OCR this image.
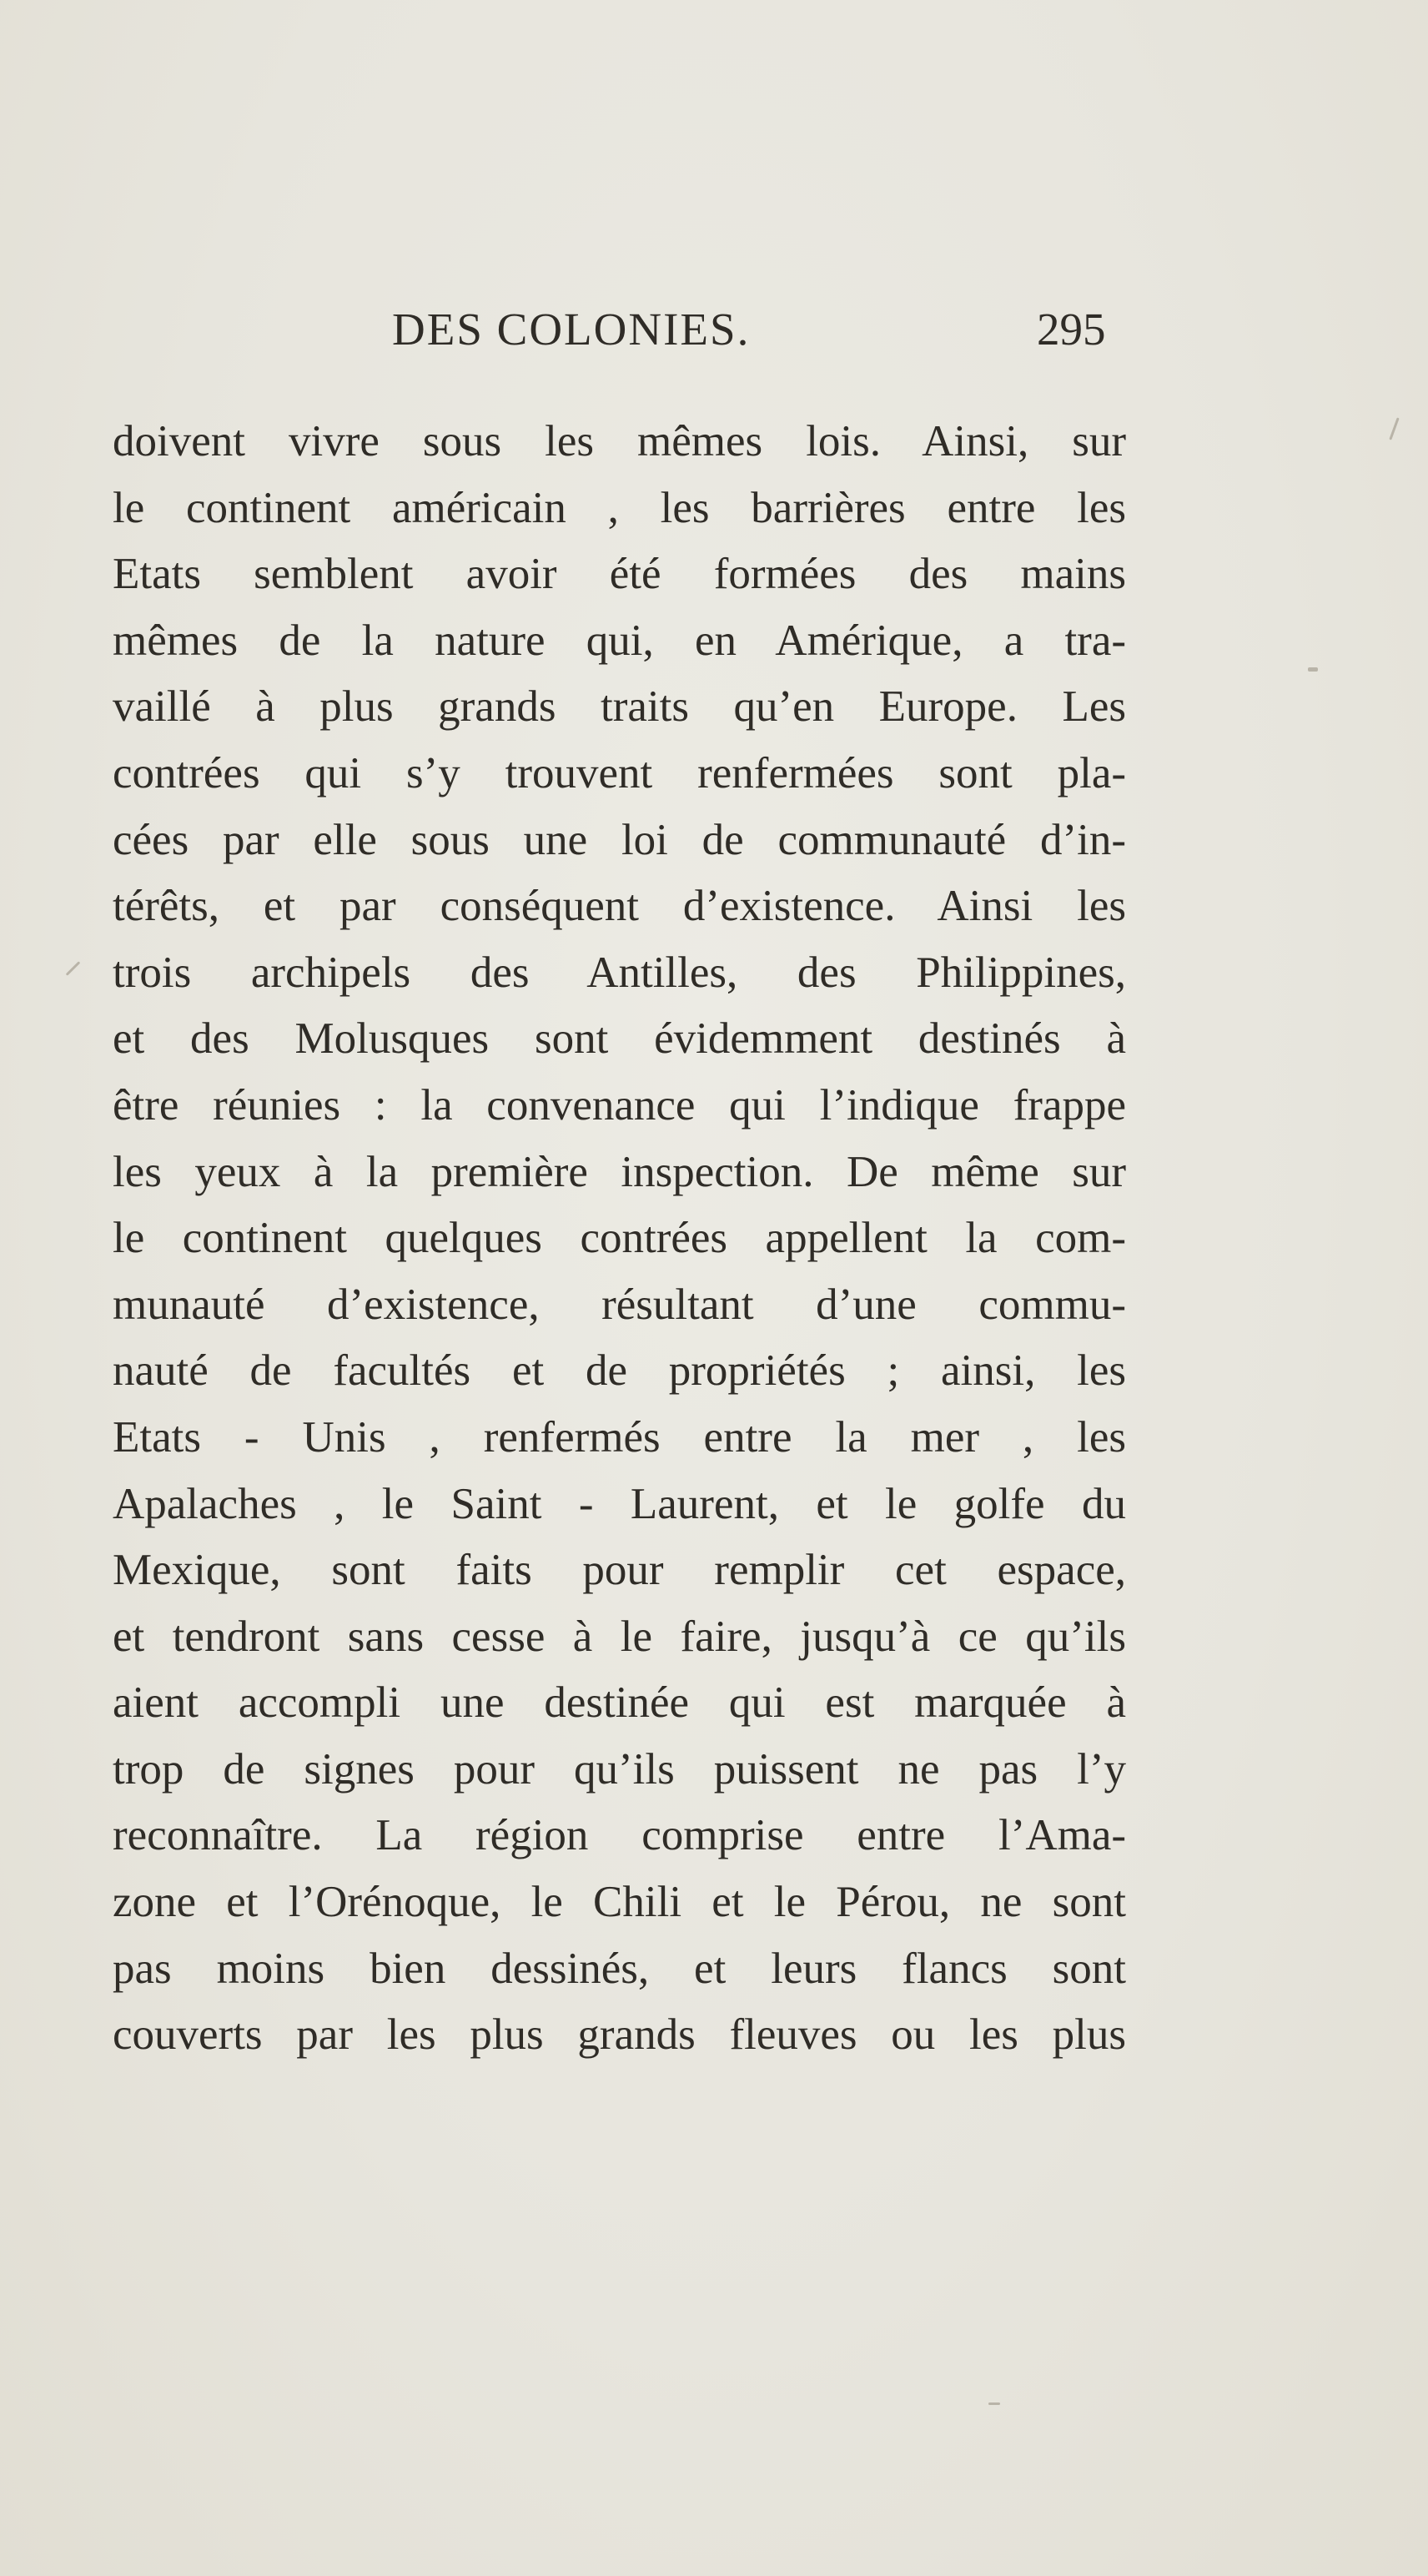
DES COLONIES.	295
doivent vivre sous les mêmes lois. Ainsi, sur
le continent américain , les barrières entre les
Etats semblent avoir été formées des mains
mêmes de la nature qui, en Amérique, a tra-
vaillé à plus grands traits qu’en Europe. Les
contrées qui s’y trouvent renfermées sont pla-
cées par elle sous une loi de communauté d’in-
térêts, et par conséquent d’existence. Ainsi les
trois archipels des Antilles, des Philippines,
et des Molusques sont évidemment destinés à
être réunies : la convenance qui l’indique frappe
les yeux à la première inspection. De même sur
le continent quelques contrées appellent la com-
munauté d’existence, résultant d’une commu-
nauté de facultés et de propriétés ; ainsi, les
Etats - Unis , renfermés entre la mer , les
Apalaches , le Saint - Laurent, et le golfe du
Mexique, sont faits pour remplir cet espace,
et tendront sans cesse à le faire, jusqu’à ce qu’ils
aient accompli une destinée qui est marquée à
trop de signes pour qu’ils puissent ne pas l’y
reconnaître. La région comprise entre l’Ama-
zone et l’Orénoque, le Chili et le Pérou, ne sont
pas moins bien dessinés, et leurs flancs sont
couverts par les plus grands fleuves ou les plus
